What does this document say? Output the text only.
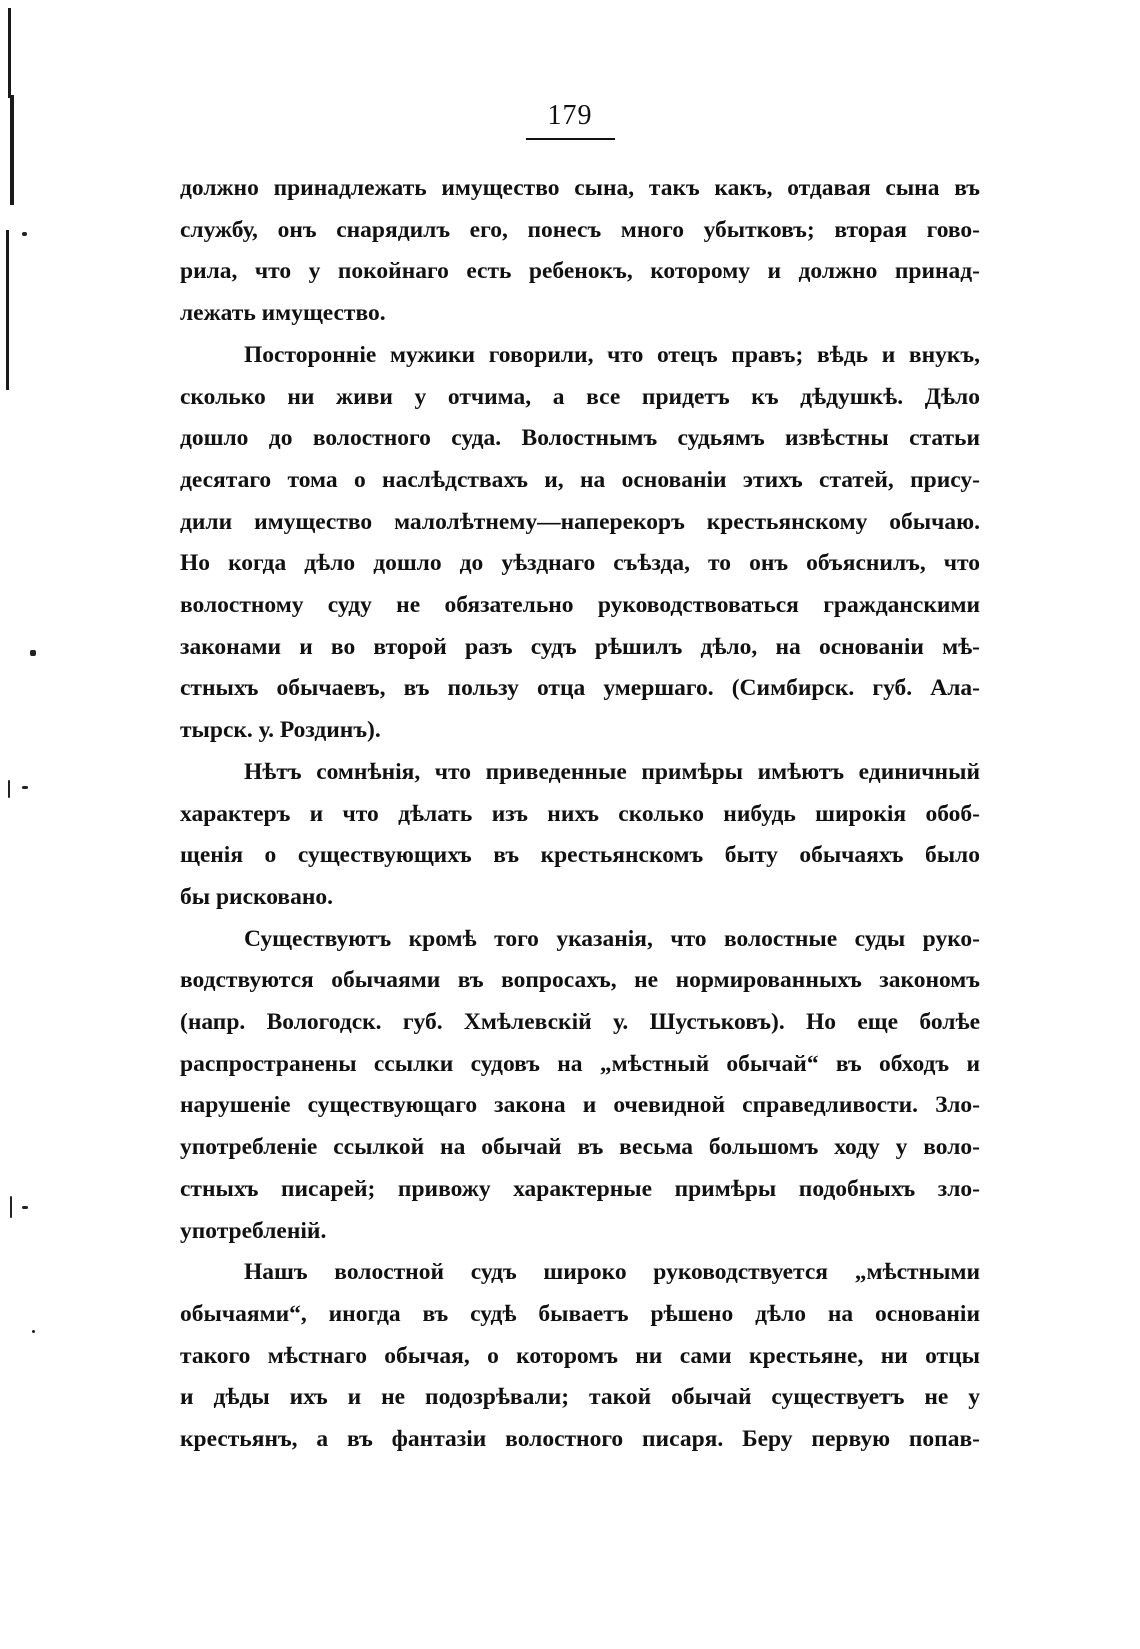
179

должно принадлежать имущество сына, такъ какъ, отдавая сына въ
службу, онъ снарядилъ его, понесъ много убытковъ; вторая гово-
рила, что у покойнаго есть ребенокъ, которому и должно принад-
лежать имущество.

Посторонніе мужики говорили, что отецъ правъ; вѣдь и внукъ,
сколько ни живи у отчима, а все придетъ къ дѣдушкѣ. Дѣло
дошло до волостного суда. Волостнымъ судьямъ извѣстны статьи
десятаго тома о наслѣдствахъ и, на основаніи этихъ статей, прису-
дили имущество малолѣтнему—наперекоръ крестьянскому обычаю.
Но когда дѣло дошло до уѣзднаго съѣзда, то онъ объяснилъ, что
волостному суду не обязательно руководствоваться гражданскими
законами и во второй разъ судъ рѣшилъ дѣло, на основаніи мѣ-
стныхъ обычаевъ, въ пользу отца умершаго. (Симбирск. губ. Ала-
тырск. у. Роздинъ).

Нѣтъ сомнѣнія, что приведенные примѣры имѣютъ единичный
характеръ и что дѣлать изъ нихъ сколько нибудь широкія обоб-
щенія о существующихъ въ крестьянскомъ быту обычаяхъ было
бы рисковано.

Существуютъ кромѣ того указанія, что волостные суды руко-
водствуются обычаями въ вопросахъ, не нормированныхъ закономъ
(напр. Вологодск. губ. Хмѣлевскій у. Шустьковъ). Но еще болѣе
распространены ссылки судовъ на „мѣстный обычай“ въ обходъ и
нарушеніе существующаго закона и очевидной справедливости. Зло-
употребленіе ссылкой на обычай въ весьма большомъ ходу у воло-
стныхъ писарей; привожу характерные примѣры подобныхъ зло-
употребленій.

Нашъ волостной судъ широко руководствуется „мѣстными
обычаями“, иногда въ судѣ бываетъ рѣшено дѣло на основаніи
такого мѣстнаго обычая, о которомъ ни сами крестьяне, ни отцы
и дѣды ихъ и не подозрѣвали; такой обычай существуетъ не у
крестьянъ, а въ фантазіи волостного писаря. Беру первую попав-
